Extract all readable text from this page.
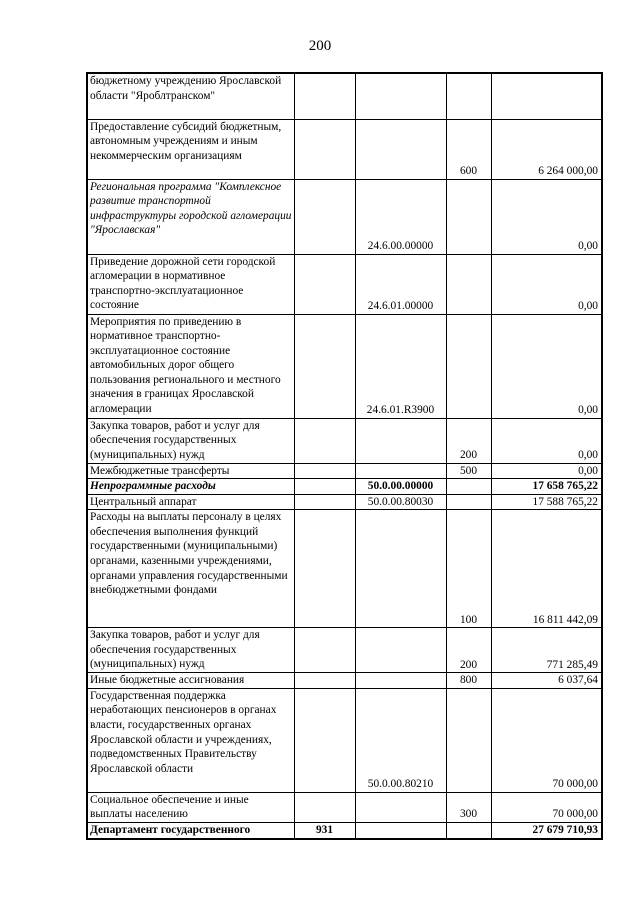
200
бюджетному учреждению Ярославской области "Яроблтранском"				
Предоставление субсидий бюджетным, автономным учреждениям и иным некоммерческим организациям			600	6 264 000,00
Региональная программа "Комплексное развитие транспортной инфраструктуры городской агломерации "Ярославская"		24.6.00.00000		0,00
Приведение дорожной сети городской агломерации в нормативное транспортно-эксплуатационное состояние		24.6.01.00000		0,00
Мероприятия по приведению в нормативное транспортно-эксплуатационное состояние автомобильных дорог общего пользования регионального и местного значения в границах Ярославской агломерации		24.6.01.R3900		0,00
Закупка товаров, работ и услуг для обеспечения государственных (муниципальных) нужд			200	0,00
Межбюджетные трансферты			500	0,00
Непрограммные расходы		50.0.00.00000		17 658 765,22
Центральный аппарат		50.0.00.80030		17 588 765,22
Расходы на выплаты персоналу в целях обеспечения выполнения функций государственными (муниципальными) органами, казенными учреждениями, органами управления государственными внебюджетными фондами			100	16 811 442,09
Закупка товаров, работ и услуг для обеспечения государственных (муниципальных) нужд			200	771 285,49
Иные бюджетные ассигнования			800	6 037,64
Государственная поддержка неработающих пенсионеров в органах власти, государственных органах Ярославской области и учреждениях, подведомственных Правительству Ярославской области		50.0.00.80210		70 000,00
Социальное обеспечение и иные выплаты населению			300	70 000,00
Департамент государственного	931			27 679 710,93
